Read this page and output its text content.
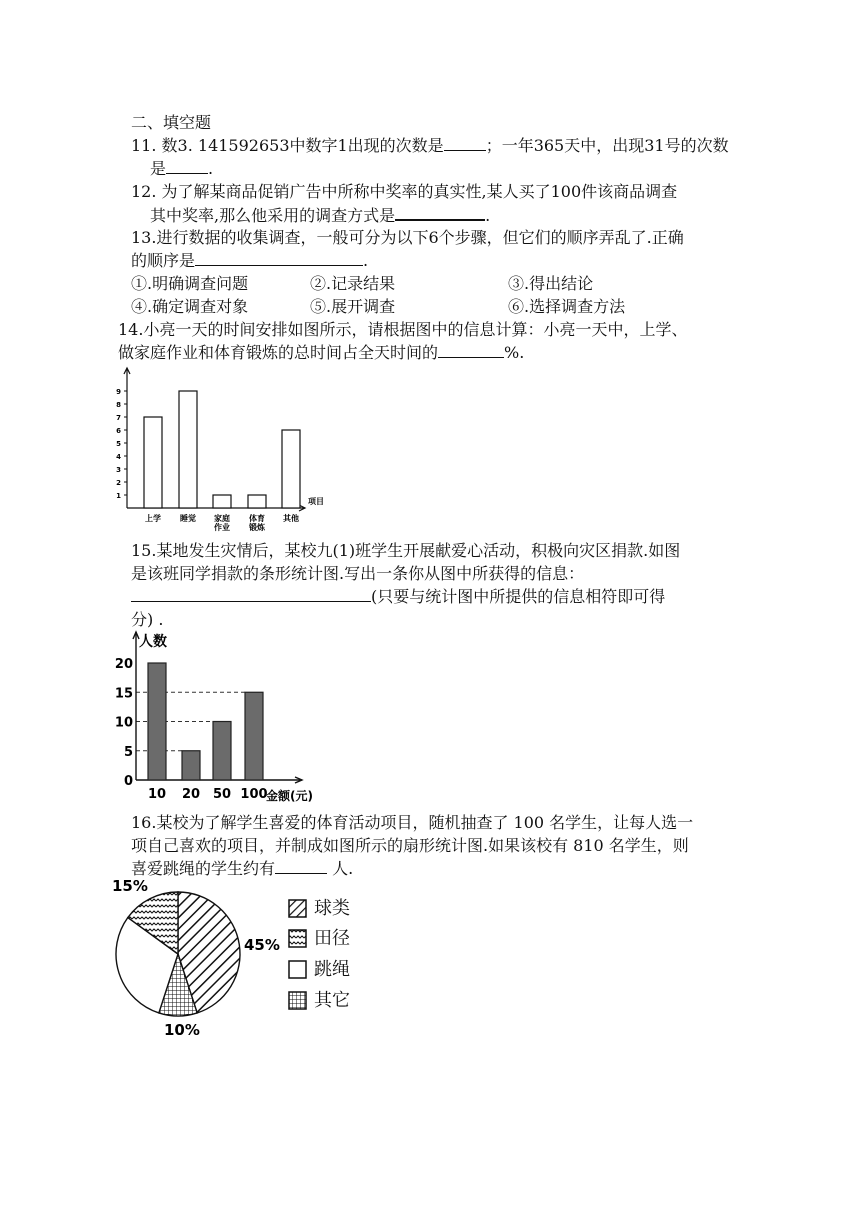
二、填空题
11. 数3. 141592653中数字1出现的次数是	；一年365天中，出现31号的次数
是	.
12. 为了解某商品促销广告中所称中奖率的真实性,某人买了100件该商品调查
其中奖率,那么他采用的调查方式是	.
13.进行数据的收集调查，一般可分为以下6个步骤，但它们的顺序弄乱了.正确
的顺序是	.
①.明确调查问题	②.记录结果	③.得出结论
④.确定调查对象	⑤.展开调查	⑥.选择调查方法
14.小亮一天的时间安排如图所示，请根据图中的信息计算：小亮一天中，上学、
做家庭作业和体育锻炼的总时间占全天时间的	%.
1
2
3
4
5
6
7
8
9
上学 睡觉 家庭
作业
体育
锻炼
其他
项目
15.某地发生灾情后，某校九(1)班学生开展献爱心活动，积极向灾区捐款.如图
是该班同学捐款的条形统计图.写出一条你从图中所获得的信息：
(只要与统计图中所提供的信息相符即可得
分) .
人数
0
5
10
15
20
10 20 50 100
金额(元)
16.某校为了解学生喜爱的体育活动项目，随机抽查了 100 名学生，让每人选一
项自己喜欢的项目，并制成如图所示的扇形统计图.如果该校有 810 名学生，则
喜爱跳绳的学生约有	人.
45%
15%
10%
球类
田径
跳绳
其它
